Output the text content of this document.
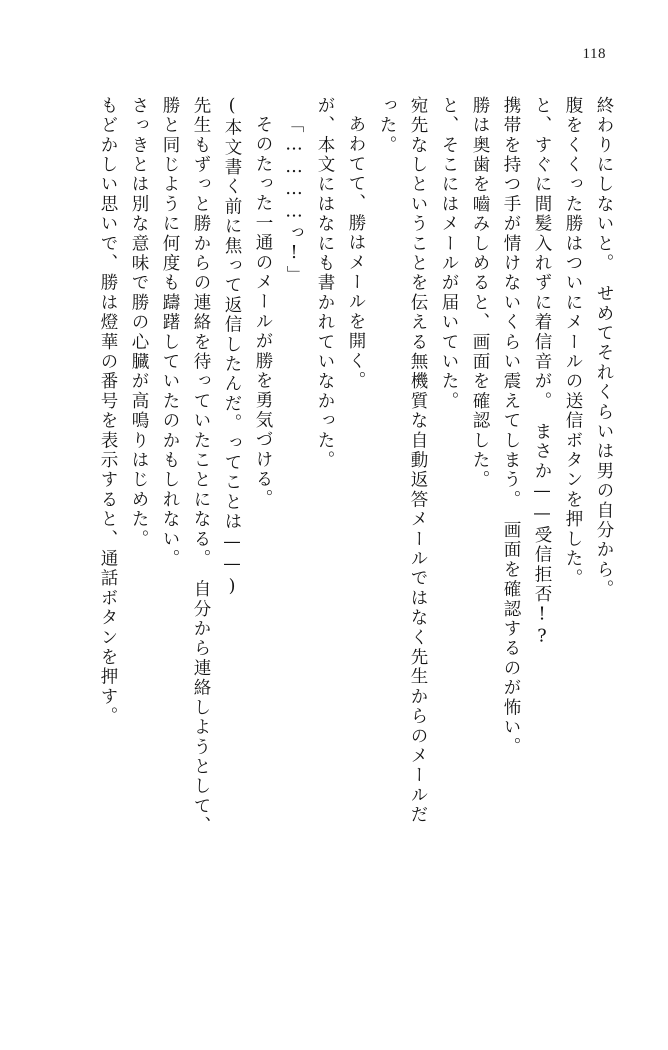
118
終わりにしないと。　せめてそれくらいは男の自分から。
腹をくくった勝はついにメールの送信ボタンを押した。
と、すぐに間髪入れずに着信音が。　まさか——受信拒否!?
携帯を持つ手が情けないくらい震えてしまう。　画面を確認するのが怖い。
勝は奥歯を嚙みしめると、画面を確認した。
と、そこにはメールが届いていた。
宛先なしということを伝える無機質な自動返答メールではなく先生からのメールだ
った。
あわてて、勝はメールを開く。
が、本文にはなにも書かれていなかった。
「…………っ!」
そのたった一通のメールが勝を勇気づける。
(本文書く前に焦って返信したんだ。ってことは——)
先生もずっと勝からの連絡を待っていたことになる。　自分から連絡しようとして、
勝と同じように何度も躊躇していたのかもしれない。
さっきとは別な意味で勝の心臓が高鳴りはじめた。
もどかしい思いで、勝は燈華の番号を表示すると、通話ボタンを押す。
